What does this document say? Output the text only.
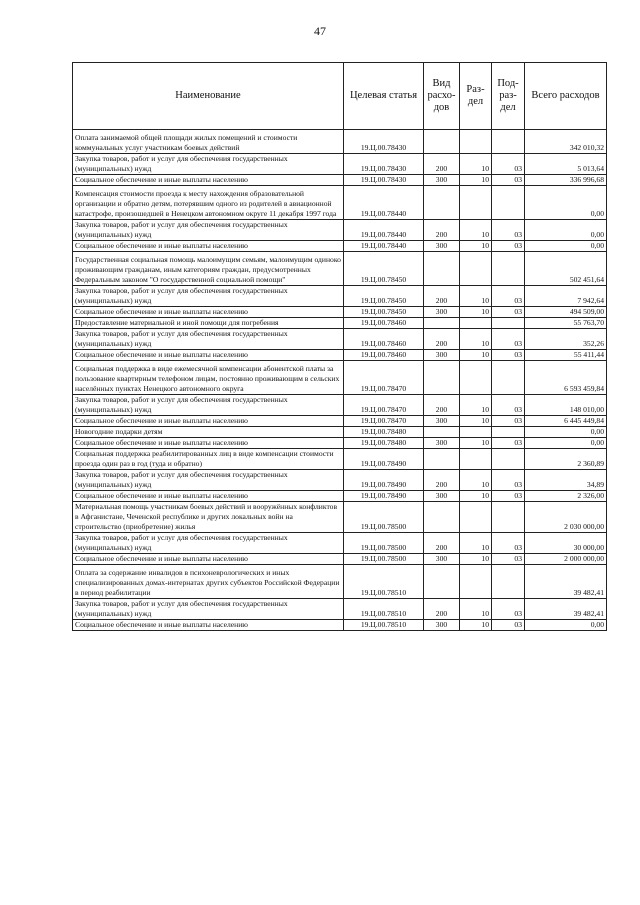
47
Наименование	Целевая статья	Вид расхо-дов	Раз-дел	Под-раз-дел	Всего расходов
Оплата занимаемой общей площади жилых помещений и стоимости коммунальных услуг участникам боевых действий	19.Ц.00.78430				342 010,32
Закупка товаров, работ и услуг для обеспечения государственных (муниципальных) нужд	19.Ц.00.78430	200	10	03	5 013,64
Социальное обеспечение и иные выплаты населению	19.Ц.00.78430	300	10	03	336 996,68
Компенсация стоимости проезда к месту нахождения образовательной организации и обратно детям, потерявшим одного из родителей в авиационной катастрофе, произошедшей в Ненецком автономном округе 11 декабря 1997 года	19.Ц.00.78440				0,00
Закупка товаров, работ и услуг для обеспечения государственных (муниципальных) нужд	19.Ц.00.78440	200	10	03	0,00
Социальное обеспечение и иные выплаты населению	19.Ц.00.78440	300	10	03	0,00
Государственная социальная помощь малоимущим семьям, малоимущим одиноко проживающим гражданам, иным категориям граждан, предусмотренных Федеральным законом "О государственной социальной помощи"	19.Ц.00.78450				502 451,64
Закупка товаров, работ и услуг для обеспечения государственных (муниципальных) нужд	19.Ц.00.78450	200	10	03	7 942,64
Социальное обеспечение и иные выплаты населению	19.Ц.00.78450	300	10	03	494 509,00
Предоставление материальной и иной помощи для погребения	19.Ц.00.78460				55 763,70
Закупка товаров, работ и услуг для обеспечения государственных (муниципальных) нужд	19.Ц.00.78460	200	10	03	352,26
Социальное обеспечение и иные выплаты населению	19.Ц.00.78460	300	10	03	55 411,44
Социальная поддержка в виде ежемесячной компенсации абонентской платы за пользование квартирным телефоном лицам, постоянно проживающим в сельских населённых пунктах Ненецкого автономного округа	19.Ц.00.78470				6 593 459,84
Закупка товаров, работ и услуг для обеспечения государственных (муниципальных) нужд	19.Ц.00.78470	200	10	03	148 010,00
Социальное обеспечение и иные выплаты населению	19.Ц.00.78470	300	10	03	6 445 449,84
Новогодние подарки детям	19.Ц.00.78480				0,00
Социальное обеспечение и иные выплаты населению	19.Ц.00.78480	300	10	03	0,00
Социальная поддержка реабилитированных лиц в виде компенсации стоимости проезда один раз в год (туда и обратно)	19.Ц.00.78490				2 360,89
Закупка товаров, работ и услуг для обеспечения государственных (муниципальных) нужд	19.Ц.00.78490	200	10	03	34,89
Социальное обеспечение и иные выплаты населению	19.Ц.00.78490	300	10	03	2 326,00
Материальная помощь участникам боевых действий и вооружённых конфликтов в Афганистане, Чеченской республике и других локальных войн на строительство (приобретение) жилья	19.Ц.00.78500				2 030 000,00
Закупка товаров, работ и услуг для обеспечения государственных (муниципальных) нужд	19.Ц.00.78500	200	10	03	30 000,00
Социальное обеспечение и иные выплаты населению	19.Ц.00.78500	300	10	03	2 000 000,00
Оплата за содержание инвалидов в психоневрологических и иных специализированных домах-интернатах других субъектов Российской Федерации в период реабилитации	19.Ц.00.78510				39 482,41
Закупка товаров, работ и услуг для обеспечения государственных (муниципальных) нужд	19.Ц.00.78510	200	10	03	39 482,41
Социальное обеспечение и иные выплаты населению	19.Ц.00.78510	300	10	03	0,00
